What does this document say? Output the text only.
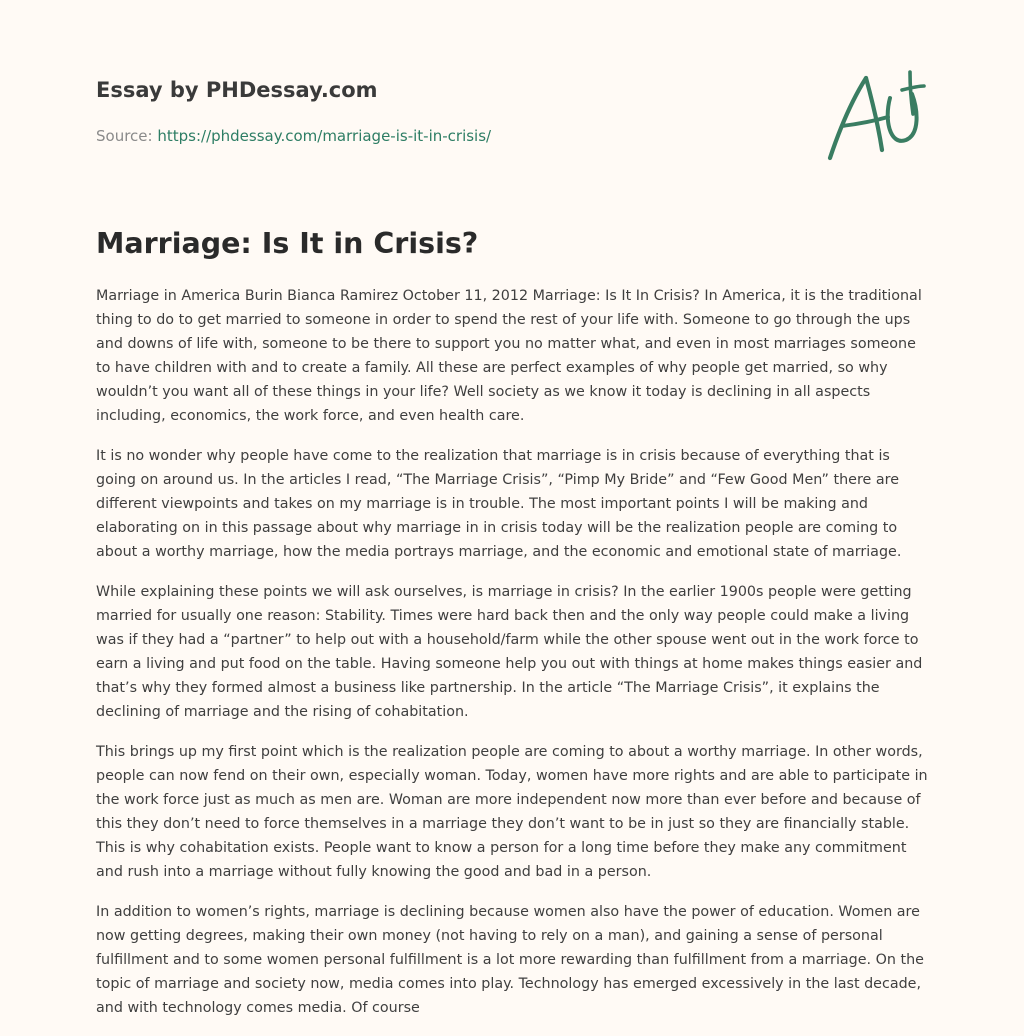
Essay by PHDessay.com
Source: https://phdessay.com/marriage-is-it-in-crisis/
Marriage: Is It in Crisis?

Marriage in America Burin Bianca Ramirez October 11, 2012 Marriage: Is It In Crisis? In America, it is the traditional thing to do to get married to someone in order to spend the rest of your life with. Someone to go through the ups and downs of life with, someone to be there to support you no matter what, and even in most marriages someone to have children with and to create a family. All these are perfect examples of why people get married, so why wouldn’t you want all of these things in your life? Well society as we know it today is declining in all aspects including, economics, the work force, and even health care.

It is no wonder why people have come to the realization that marriage is in crisis because of everything that is going on around us. In the articles I read, “The Marriage Crisis”, “Pimp My Bride” and “Few Good Men” there are different viewpoints and takes on my marriage is in trouble. The most important points I will be making and elaborating on in this passage about why marriage in in crisis today will be the realization people are coming to about a worthy marriage, how the media portrays marriage, and the economic and emotional state of marriage.

While explaining these points we will ask ourselves, is marriage in crisis? In the earlier 1900s people were getting married for usually one reason: Stability. Times were hard back then and the only way people could make a living was if they had a “partner” to help out with a household/farm while the other spouse went out in the work force to earn a living and put food on the table. Having someone help you out with things at home makes things easier and that’s why they formed almost a business like partnership. In the article “The Marriage Crisis”, it explains the declining of marriage and the rising of cohabitation.

This brings up my first point which is the realization people are coming to about a worthy marriage. In other words, people can now fend on their own, especially woman. Today, women have more rights and are able to participate in the work force just as much as men are. Woman are more independent now more than ever before and because of this they don’t need to force themselves in a marriage they don’t want to be in just so they are financially stable. This is why cohabitation exists. People want to know a person for a long time before they make any commitment and rush into a marriage without fully knowing the good and bad in a person.

In addition to women’s rights, marriage is declining because women also have the power of education. Women are now getting degrees, making their own money (not having to rely on a man), and gaining a sense of personal fulfillment and to some women personal fulfillment is a lot more rewarding than fulfillment from a marriage. On the topic of marriage and society now, media comes into play. Technology has emerged excessively in the last decade, and with technology comes media. Of course
